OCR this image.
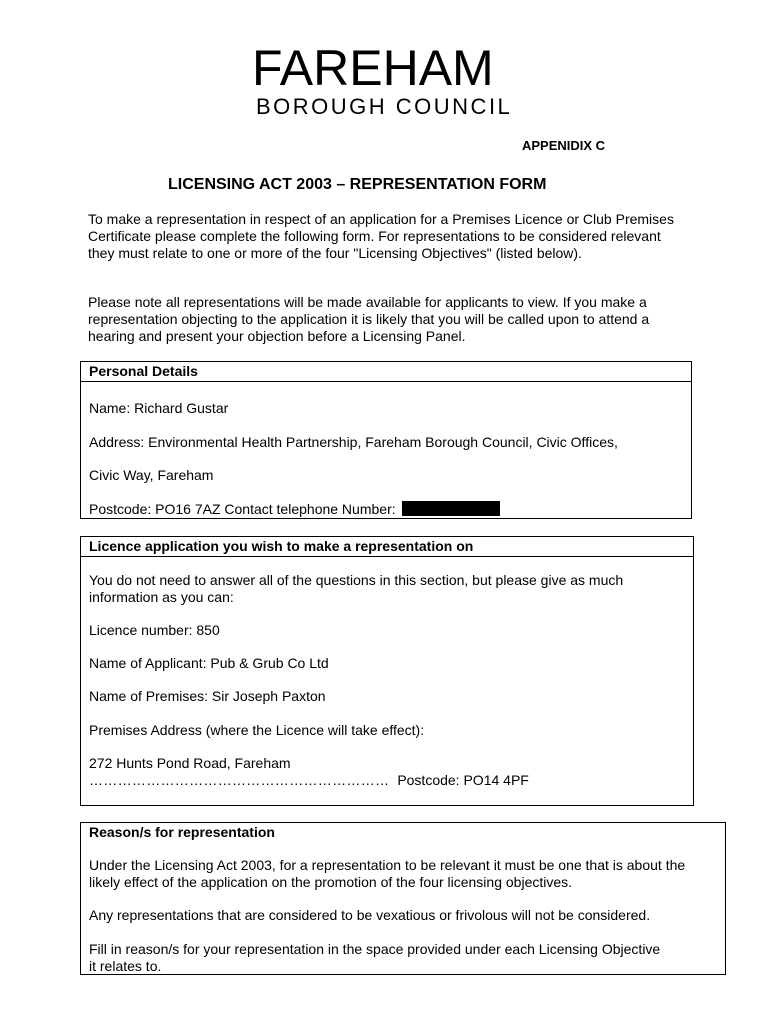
FAREHAM
BOROUGH COUNCIL
APPENIDIX C
LICENSING ACT 2003 – REPRESENTATION FORM

To make a representation in respect of an application for a Premises Licence or Club Premises Certificate please complete the following form. For representations to be considered relevant they must relate to one or more of the four "Licensing Objectives" (listed below).

Please note all representations will be made available for applicants to view. If you make a representation objecting to the application it is likely that you will be called upon to attend a hearing and present your objection before a Licensing Panel.

Personal Details

Name: Richard Gustar

Address: Environmental Health Partnership, Fareham Borough Council, Civic Offices,

Civic Way, Fareham

Postcode: PO16 7AZ Contact telephone Number:

Licence application you wish to make a representation on

You do not need to answer all of the questions in this section, but please give as much information as you can:

Licence number: 850

Name of Applicant: Pub & Grub Co Ltd

Name of Premises: Sir Joseph Paxton

Premises Address (where the Licence will take effect):

272 Hunts Pond Road, Fareham

……………………………………………………… Postcode: PO14 4PF

Reason/s for representation

Under the Licensing Act 2003, for a representation to be relevant it must be one that is about the likely effect of the application on the promotion of the four licensing objectives.

Any representations that are considered to be vexatious or frivolous will not be considered.

Fill in reason/s for your representation in the space provided under each Licensing Objective it relates to.
